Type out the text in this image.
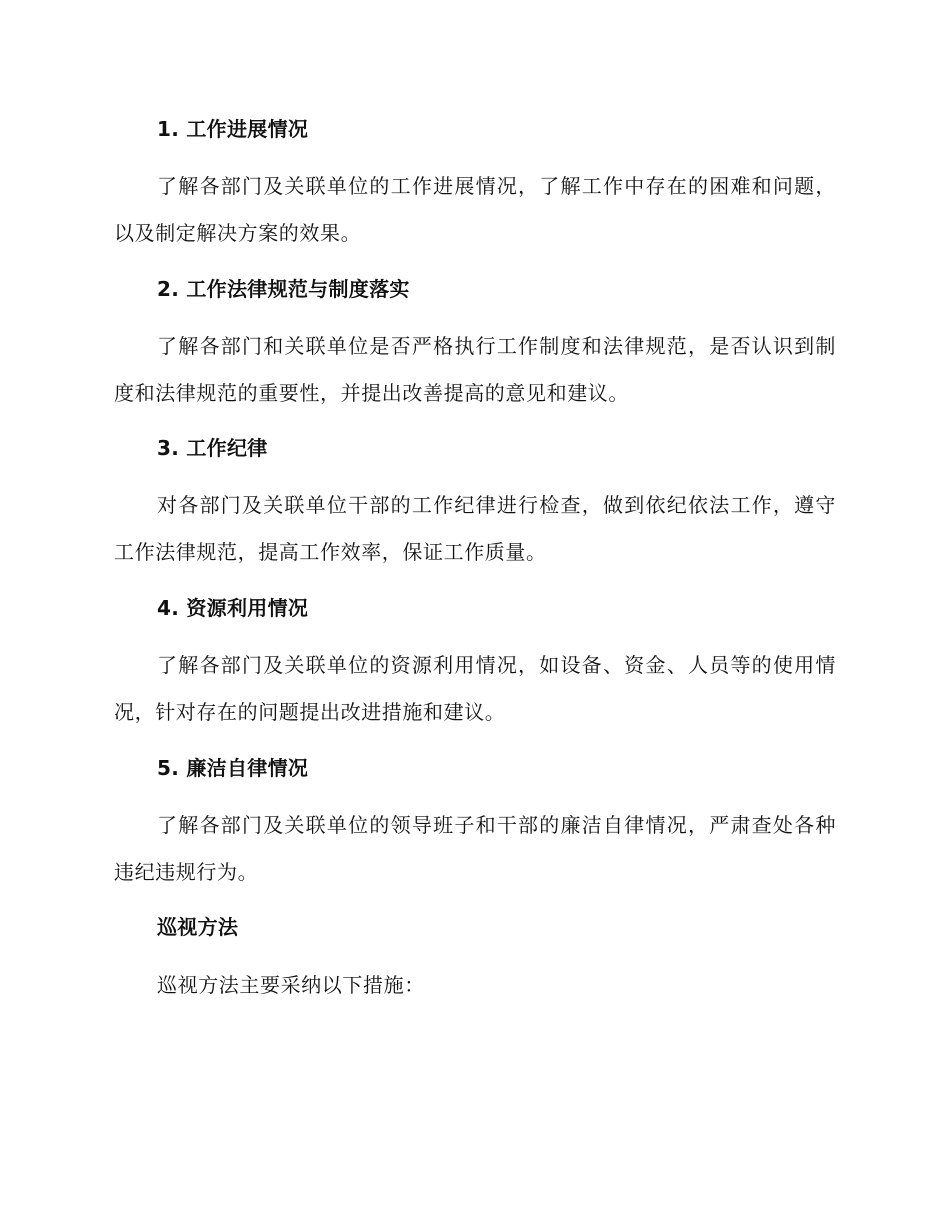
1. 工作进展情况
了解各部门及关联单位的工作进展情况，了解工作中存在的困难和问题，以及制定解决方案的效果。
2. 工作法律规范与制度落实
了解各部门和关联单位是否严格执行工作制度和法律规范，是否认识到制度和法律规范的重要性，并提出改善提高的意见和建议。
3. 工作纪律
对各部门及关联单位干部的工作纪律进行检查，做到依纪依法工作，遵守工作法律规范，提高工作效率，保证工作质量。
4. 资源利用情况
了解各部门及关联单位的资源利用情况，如设备、资金、人员等的使用情况，针对存在的问题提出改进措施和建议。
5. 廉洁自律情况
了解各部门及关联单位的领导班子和干部的廉洁自律情况，严肃查处各种违纪违规行为。
巡视方法
巡视方法主要采纳以下措施：
